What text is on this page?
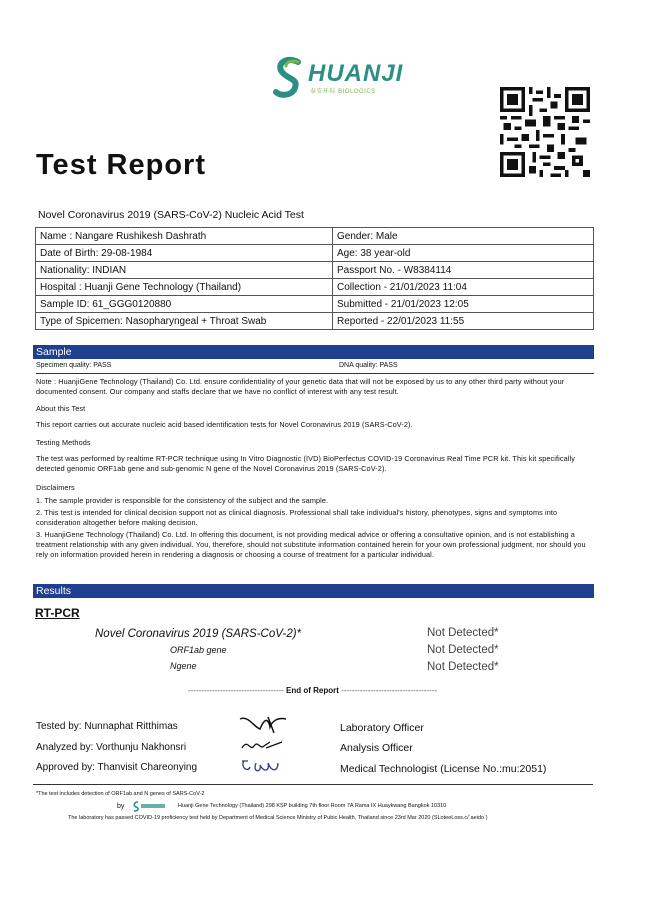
HUANJI
泰安环际 BIOLOGICS
Test Report
Novel Coronavirus 2019 (SARS-CoV-2) Nucleic Acid Test
Name : Nangare Rushikesh Dashrath	Gender: Male
Date of Birth: 29-08-1984	Age: 38 year-old
Nationality: INDIAN	Passport No. - W8384114
Hospital : Huanji Gene Technology (Thailand)	Collection - 21/01/2023 11:04
Sample ID: 61_GGG0120880	Submitted - 21/01/2023 12:05
Type of Spicemen: Nasopharyngeal + Throat Swab	Reported - 22/01/2023 11:55
Sample
Specimen quality: PASS	DNA quality: PASS
Note : HuanjiGene Technology (Thailand) Co. Ltd. ensure confidentiality of your genetic data that will not be exposed by us to any other third party without your documented consent. Our company and staffs declare that we have no conflict of interest with any test result.
About this Test
This report carries out accurate nucleic acid based identification tests for Novel Coronavirus 2019 (SARS-CoV-2).
Testing Methods
The test was performed by realtime RT-PCR technique using In Vitro Diagnostic (IVD) BioPerfectus COVID-19 Coronavirus Real Time PCR kit. This kit specifically detected genomic ORF1ab gene and sub-genomic N gene of the Novel Coronavirus 2019 (SARS-CoV-2).
Disclaimers
1. The sample provider is responsible for the consistency of the subject and the sample.
2. This test is intended for clinical decision support not as clinical diagnosis. Professional shall take individual's history, phenotypes, signs and symptoms into consideration altogether before making decision.
3. HuanjiGene Technology (Thailand) Co. Ltd. In offering this document, is not providing medical advice or offering a consultative opinion, and is not establishing a treatment relationship with any given individual. You, therefore, should not substitute information contained herein for your own professional judgment, nor should you rely on information provided herein in rendering a diagnosis or choosing a course of treatment for a particular individual.
Results
RT-PCR
Novel Coronavirus 2019 (SARS-CoV-2)*	Not Detected*
ORF1ab gene	Not Detected*
Ngene	Not Detected*
------------------------------------ End of Report ------------------------------------
Tested by: Nunnaphat Ritthimas
Analyzed by: Vorthunju Nakhonsri
Approved by: Thanvisit Chareonying
Laboratory Officer
Analysis Officer
Medical Technologist (License No.:mu:2051)
*The test includes detection of ORF1ab and N genes of SARS-CoV-2
by	Huanji Gene Technology (Thailand) 298 KSP building 7th floor Room 7A Rama IX Huaykwang Bangkok 10310
The laboratory has passed COVID-19 proficiency test held by Department of Medical Science Ministry of Pubic Health, Thailand since 23rd Mar 2020 (SLoteeLoss.c/`aeido`)
